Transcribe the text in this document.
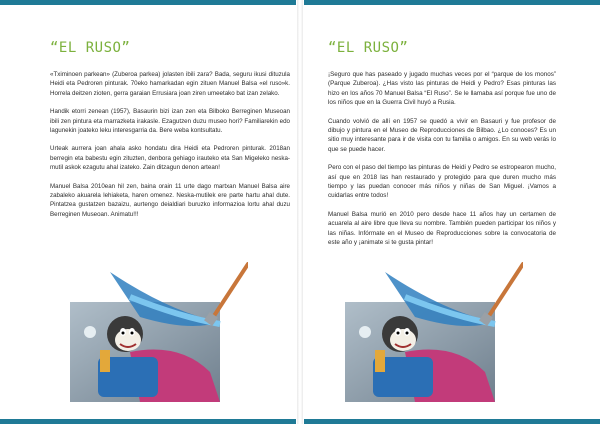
“EL RUSO”

«Tximinoen parkean» (Zuberoa parkea) jolasten ibili zara? Bada, seguru ikusi dituzula Heidi eta Pedroren pinturak. 70eko hamarkadan egin zituen Manuel Balsa «el ruso»k. Horrela deitzen zioten, gerra garaian Errusiara joan ziren umeetako bat izan zelako.

Handik etorri zenean (1957), Basaurin bizi izan zen eta Bilboko Berreginen Museoan ibili zen pintura eta marrazketa irakasle. Ezagutzen duzu museo hori? Familiarekin edo lagunekin joateko leku interesgarria da. Bere weba kontsultatu.

Urteak aurrera joan ahala asko hondatu dira Heidi eta Pedroren pinturak. 2018an berregin eta babestu egin zituzten, denbora gehiago irauteko eta San Migeleko neska-mutil askok ezagutu ahal izateko. Zain ditzagun denon artean!

Manuel Balsa 2010ean hil zen, baina orain 11 urte dago martxan Manuel Balsa aire zabaleko akuarela lehiaketa, haren omenez. Neska-mutilek ere parte hartu ahal dute. Pintatzea gustatzen bazaizu, aurtengo deialdiari buruzko informazioa lortu ahal duzu Berreginen Museoan. Animatu!!!

“EL RUSO”

¡Seguro que has paseado y jugado muchas veces por el “parque de los monos” (Parque Zuberoa). ¿Has visto las pinturas de Heidi y Pedro? Esas pinturas las hizo en los años 70 Manuel Balsa “El Ruso”. Se le llamaba así porque fue uno de los niños que en la Guerra Civil huyó a Rusia.

Cuando volvió de allí en 1957 se quedó a vivir en Basauri y fue profesor de dibujo y pintura en el Museo de Reproducciones de Bilbao. ¿Lo conoces? Es un sitio muy interesante para ir de visita con tu familia o amigos. En su web verás lo que se puede hacer.

Pero con el paso del tiempo las pinturas de Heidi y Pedro se estropearon mucho, así que en 2018 las han restaurado y protegido para que duren mucho más tiempo y las puedan conocer más niños y niñas de San Miguel. ¡Vamos a cuidarlas entre todos!

Manuel Balsa murió en 2010 pero desde hace 11 años hay un certamen de acuarela al aire libre que lleva su nombre. También pueden participar los niños y las niñas. Infórmate en el Museo de Reproducciones sobre la convocatoria de este año y ¡animate si te gusta pintar!
